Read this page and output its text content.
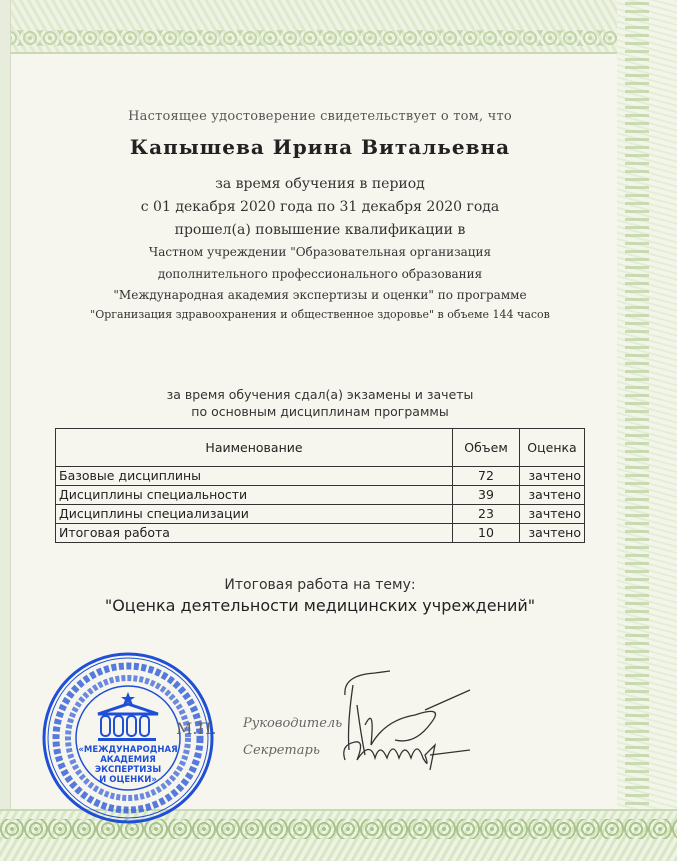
Настоящее удостоверение свидетельствует о том, что
Капышева Ирина Витальевна
за время обучения в период
с 01 декабря 2020 года по 31 декабря 2020 года
прошел(а) повышение квалификации в
Частном учреждении "Образовательная организация
дополнительного профессионального образования
"Международная академия экспертизы и оценки" по программе
"Организация здравоохранения и общественное здоровье" в объеме 144 часов
за время обучения сдал(а) экзамены и зачеты
по основным дисциплинам программы
Наименование	Объем	Оценка
Базовые дисциплины	72	зачтено
Дисциплины специальности	39	зачтено
Дисциплины специализации	23	зачтено
Итоговая работа	10	зачтено
Итоговая работа на тему:
"Оценка деятельности медицинских учреждений"
«МЕЖДУНАРОДНАЯ
АКАДЕМИЯ
ЭКСПЕРТИЗЫ
И ОЦЕНКИ»
М.П. Руководитель
Секретарь
